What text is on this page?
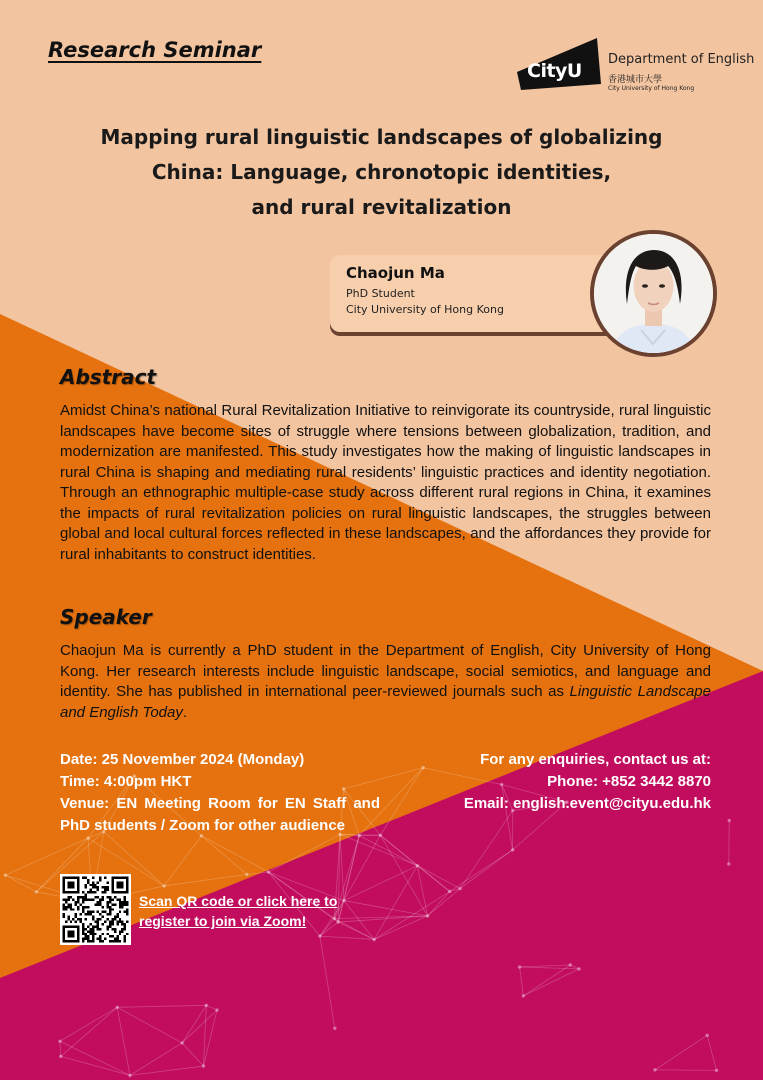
Research Seminar
CityU
Department of English
香港城市大學
City University of Hong Kong
Mapping rural linguistic landscapes of globalizing
China: Language, chronotopic identities,
and rural revitalization
Chaojun Ma
PhD Student
City University of Hong Kong
Abstract
Amidst China’s national Rural Revitalization Initiative to reinvigorate its countryside, rural linguistic landscapes have become sites of struggle where tensions between globalization, tradition, and modernization are manifested. This study investigates how the making of linguistic landscapes in rural China is shaping and mediating rural residents’ linguistic practices and identity negotiation. Through an ethnographic multiple-case study across different rural regions in China, it examines the impacts of rural revitalization policies on rural linguistic landscapes, the struggles between global and local cultural forces reflected in these landscapes, and the affordances they provide for rural inhabitants to construct identities.
Speaker
Chaojun Ma is currently a PhD student in the Department of English, City University of Hong Kong. Her research interests include linguistic landscape, social semiotics, and language and identity. She has published in international peer-reviewed journals such as Linguistic Landscape and English Today.
Date: 25 November 2024 (Monday)
Time: 4:00pm HKT
Venue: EN Meeting Room for EN Staff and PhD students / Zoom for other audience
For any enquiries, contact us at:
Phone: +852 3442 8870
Email: english.event@cityu.edu.hk
Scan QR code or click here to register to join via Zoom!
